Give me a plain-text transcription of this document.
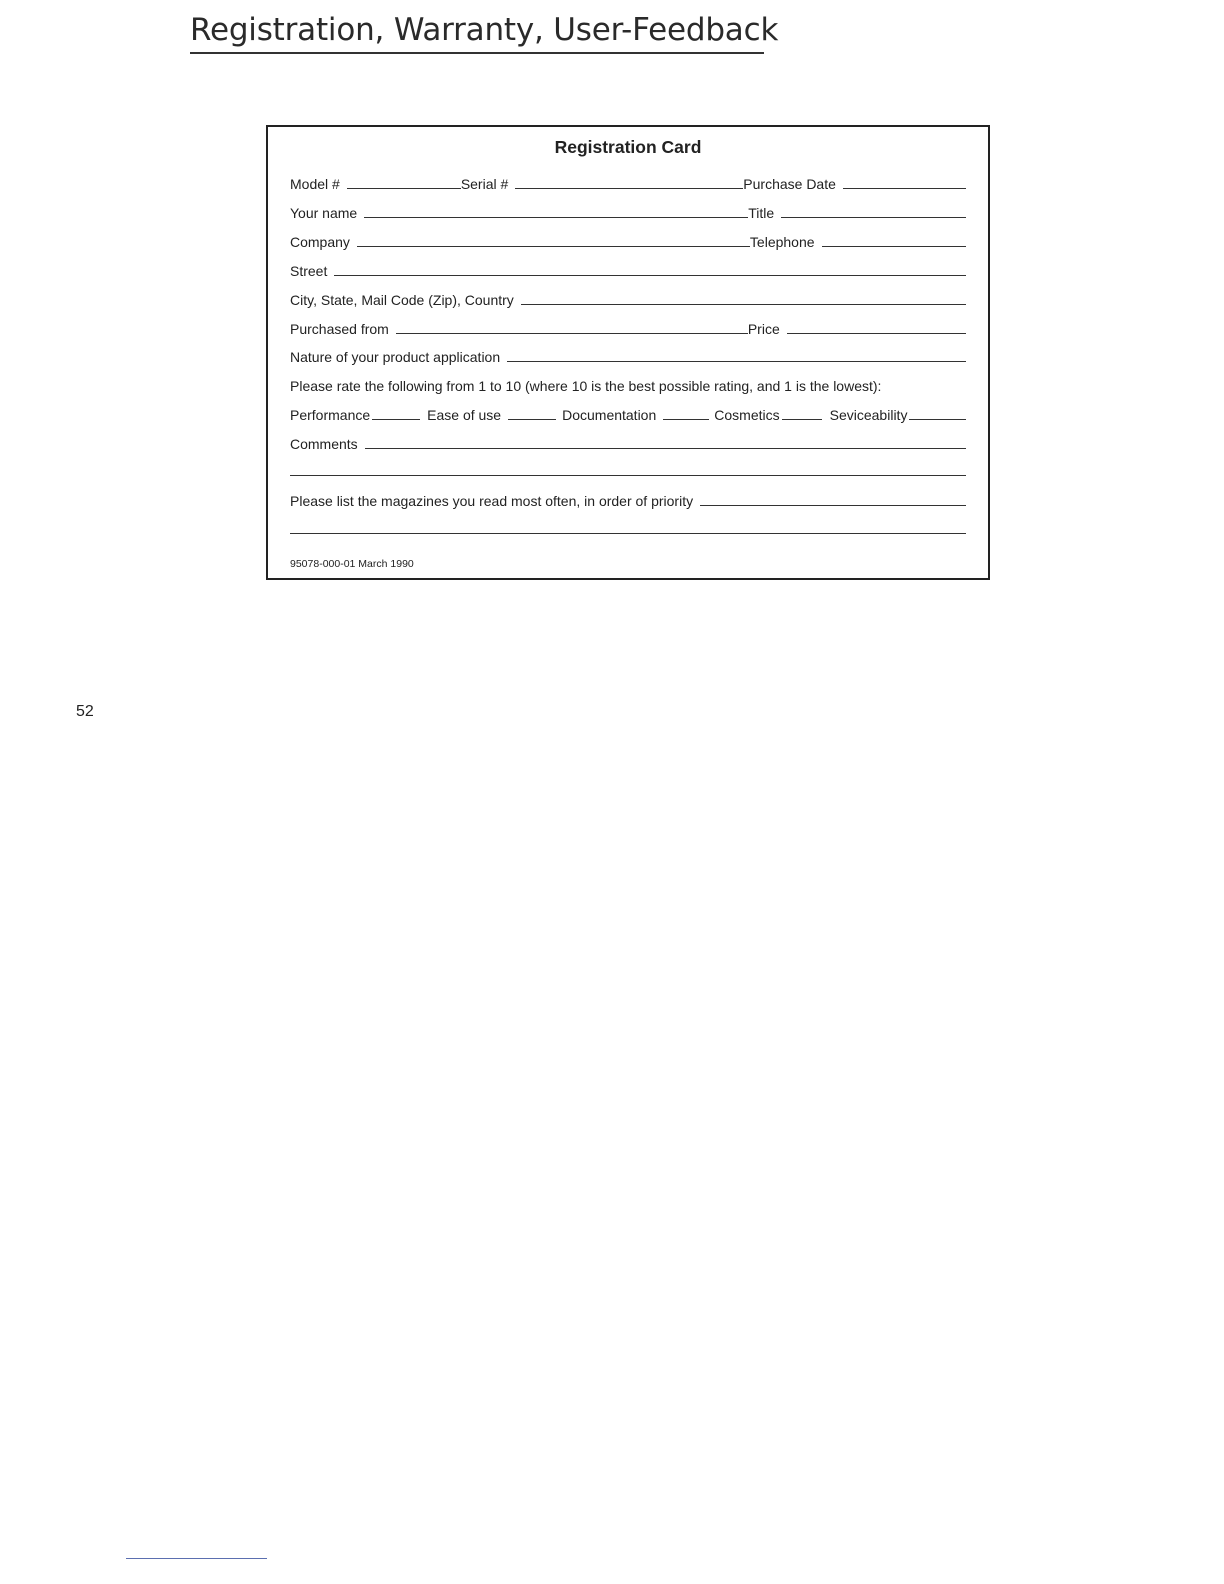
Registration, Warranty, User-Feedback
Registration Card
Model #	Serial #	Purchase Date
Your name	Title
Company	Telephone
Street
City, State, Mail Code (Zip), Country
Purchased from	Price
Nature of your product application
Please rate the following from 1 to 10 (where 10 is the best possible rating, and 1 is the lowest):
Performance	Ease of use	Documentation	Cosmetics	Seviceability
Comments
Please list the magazines you read most often, in order of priority
95078-000-01 March 1990
52
